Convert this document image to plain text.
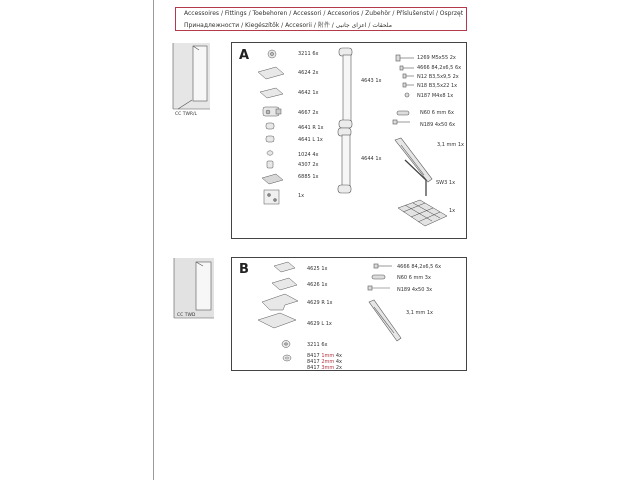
Accessoires / Fittings / Toebehoren / Accessori / Accesorios / Zubehör / Příslušenství / Osprzęt
Принадлежности / Kiegészítők / Accesorii / 附件 / ملحقات / اعزای جانبی
CC TWR/L
CC TWD
A	3211 6x
4624 2x
4642 1x
4667 2x
4641 R 1x
4641 L 1x
1024 4x
4307 2x
6885 1x
1x
4643 1x
4644 1x
1269 M5x55 2x
4666 84,2x6,5 6x
N12 B3,5x9,5 2x
N18 B3,5x22 1x
N187 M4x8 1x
N60 6 mm 6x
N189 4x50 6x
3,1 mm 1x
SW3 1x
1x
B	4625 1x
4626 1x
4629 R 1x
4629 L 1x
3211 6x
8417 1mm 4x
8417 2mm 4x
8417 3mm 2x
4666 84,2x6,5 6x
N60 6 mm 3x
N189 4x50 3x
3,1 mm 1x
